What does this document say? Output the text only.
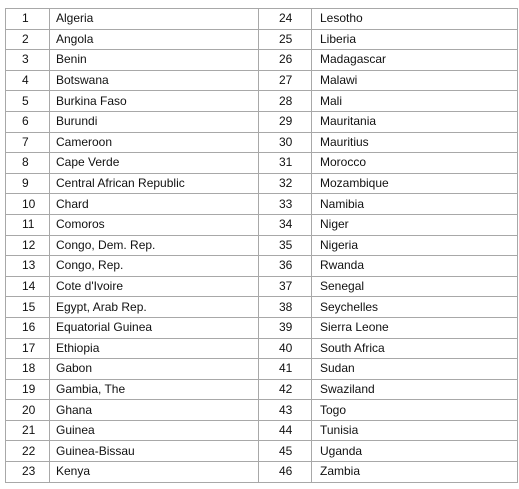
1	Algeria	24	Lesotho
2	Angola	25	Liberia
3	Benin	26	Madagascar
4	Botswana	27	Malawi
5	Burkina Faso	28	Mali
6	Burundi	29	Mauritania
7	Cameroon	30	Mauritius
8	Cape Verde	31	Morocco
9	Central African Republic	32	Mozambique
10	Chard	33	Namibia
11	Comoros	34	Niger
12	Congo, Dem. Rep.	35	Nigeria
13	Congo, Rep.	36	Rwanda
14	Cote d'Ivoire	37	Senegal
15	Egypt, Arab Rep.	38	Seychelles
16	Equatorial Guinea	39	Sierra Leone
17	Ethiopia	40	South Africa
18	Gabon	41	Sudan
19	Gambia, The	42	Swaziland
20	Ghana	43	Togo
21	Guinea	44	Tunisia
22	Guinea-Bissau	45	Uganda
23	Kenya	46	Zambia
